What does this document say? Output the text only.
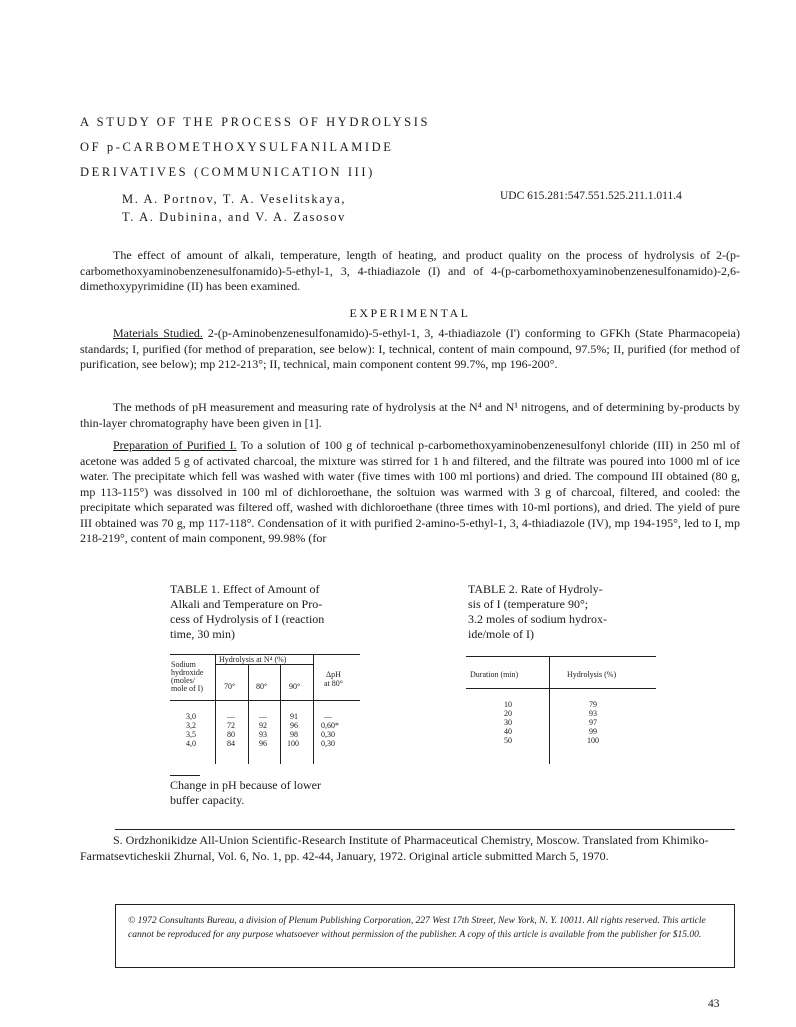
A STUDY OF THE PROCESS OF HYDROLYSIS
OF p-CARBOMETHOXYSULFANILAMIDE
DERIVATIVES (COMMUNICATION III)
M. A. Portnov, T. A. Veselitskaya,
T. A. Dubinina, and V. A. Zasosov
UDC 615.281:547.551.525.211.1.011.4
The effect of amount of alkali, temperature, length of heating, and product quality on the process of hydrolysis of 2-(p-carbomethoxyaminobenzenesulfonamido)-5-ethyl-1, 3, 4-thiadiazole (I) and of 4-(p-carbomethoxyaminobenzenesulfonamido)-2,6-dimethoxypyrimidine (II) has been examined.
EXPERIMENTAL
Materials Studied. 2-(p-Aminobenzenesulfonamido)-5-ethyl-1, 3, 4-thiadiazole (I') conforming to GFKh (State Pharmacopeia) standards; I, purified (for method of preparation, see below): I, technical, content of main compound, 97.5%; II, purified (for method of purification, see below); mp 212-213°; II, technical, main component content 99.7%, mp 196-200°.
The methods of pH measurement and measuring rate of hydrolysis at the N⁴ and N¹ nitrogens, and of determining by-products by thin-layer chromatography have been given in [1].
Preparation of Purified I. To a solution of 100 g of technical p-carbomethoxyaminobenzenesulfonyl chloride (III) in 250 ml of acetone was added 5 g of activated charcoal, the mixture was stirred for 1 h and filtered, and the filtrate was poured into 1000 ml of ice water. The precipitate which fell was washed with water (five times with 100 ml portions) and dried. The compound III obtained (80 g, mp 113-115°) was dissolved in 100 ml of dichloroethane, the soltuion was warmed with 3 g of charcoal, filtered, and cooled: the precipitate which separated was filtered off, washed with dichloroethane (three times with 10-ml portions), and dried. The yield of pure III obtained was 70 g, mp 117-118°. Condensation of it with purified 2-amino-5-ethyl-1, 3, 4-thiadiazole (IV), mp 194-195°, led to I, mp 218-219°, content of main component, 99.98% (for
TABLE 1. Effect of Amount of
Alkali and Temperature on Pro-
cess of Hydrolysis of I (reaction
time, 30 min)
Sodium
hydroxide
(moles/
mole of I)
Hydrolysis at N⁴ (%)
70°	80°	90°
ΔpH
at 80°
3,0	—	—	91	—
3,2	72	92	96	0,60*
3,5	80	93	98	0,30
4,0	84	96	100	0,30
Change in pH because of lower
buffer capacity.
TABLE 2. Rate of Hydroly-
sis of I (temperature 90°;
3.2 moles of sodium hydrox-
ide/mole of I)
Duration (min)	Hydrolysis (%)
10	79
20	93
30	97
40	99
50	100
S. Ordzhonikidze All-Union Scientific-Research Institute of Pharmaceutical Chemistry, Moscow. Translated from Khimiko-Farmatsevticheskii Zhurnal, Vol. 6, No. 1, pp. 42-44, January, 1972. Original article submitted March 5, 1970.
© 1972 Consultants Bureau, a division of Plenum Publishing Corporation, 227 West 17th Street, New York, N. Y. 10011. All rights reserved. This article cannot be reproduced for any purpose whatsoever without permission of the publisher. A copy of this article is available from the publisher for $15.00.
43
